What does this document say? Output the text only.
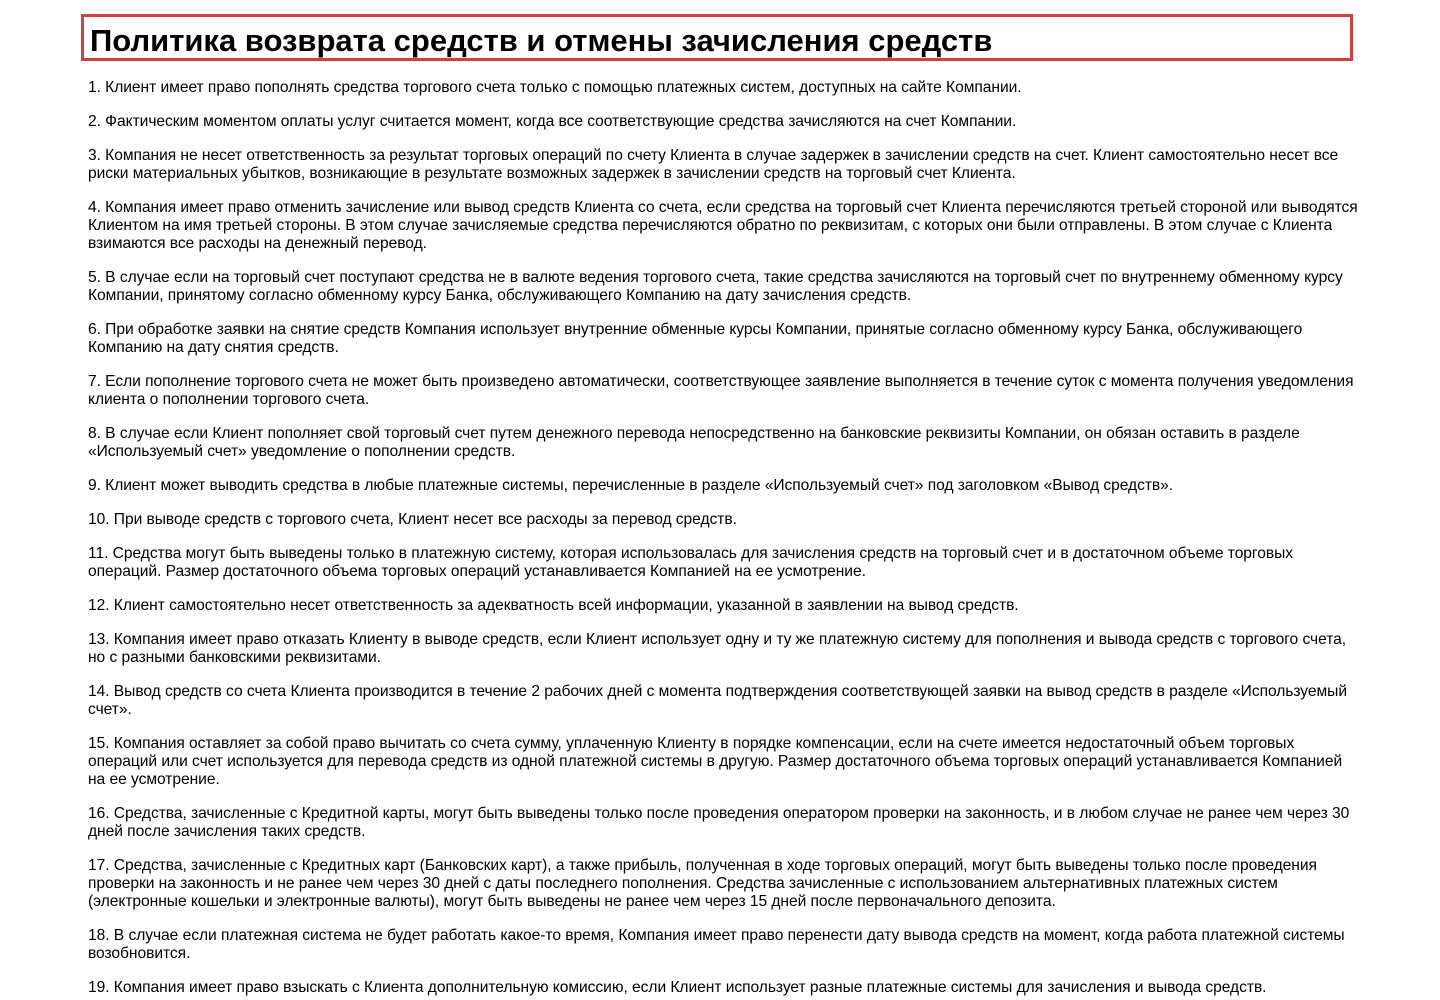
Политика возврата средств и отмены зачисления средств

1. Клиент имеет право пополнять средства торгового счета только с помощью платежных систем, доступных на сайте Компании.

2. Фактическим моментом оплаты услуг считается момент, когда все соответствующие средства зачисляются на счет Компании.

3. Компания не несет ответственность за результат торговых операций по счету Клиента в случае задержек в зачислении средств на счет. Клиент самостоятельно несет все риски материальных убытков, возникающие в результате возможных задержек в зачислении средств на торговый счет Клиента.

4. Компания имеет право отменить зачисление или вывод средств Клиента со счета, если средства на торговый счет Клиента перечисляются третьей стороной или выводятся Клиентом на имя третьей стороны. В этом случае зачисляемые средства перечисляются обратно по реквизитам, с которых они были отправлены. В этом случае с Клиента взимаются все расходы на денежный перевод.

5. В случае если на торговый счет поступают средства не в валюте ведения торгового счета, такие средства зачисляются на торговый счет по внутреннему обменному курсу Компании, принятому согласно обменному курсу Банка, обслуживающего Компанию на дату зачисления средств.

6. При обработке заявки на снятие средств Компания использует внутренние обменные курсы Компании, принятые согласно обменному курсу Банка, обслуживающего Компанию на дату снятия средств.

7. Если пополнение торгового счета не может быть произведено автоматически, соответствующее заявление выполняется в течение суток с момента получения уведомления клиента о пополнении торгового счета.

8. В случае если Клиент пополняет свой торговый счет путем денежного перевода непосредственно на банковские реквизиты Компании, он обязан оставить в разделе «Используемый счет» уведомление о пополнении средств.

9. Клиент может выводить средства в любые платежные системы, перечисленные в разделе «Используемый счет» под заголовком «Вывод средств».

10. При выводе средств с торгового счета, Клиент несет все расходы за перевод средств.

11. Средства могут быть выведены только в платежную систему, которая использовалась для зачисления средств на торговый счет и в достаточном объеме торговых операций. Размер достаточного объема торговых операций устанавливается Компанией на ее усмотрение.

12. Клиент самостоятельно несет ответственность за адекватность всей информации, указанной в заявлении на вывод средств.

13. Компания имеет право отказать Клиенту в выводе средств, если Клиент использует одну и ту же платежную систему для пополнения и вывода средств с торгового счета, но с разными банковскими реквизитами.

14. Вывод средств со счета Клиента производится в течение 2 рабочих дней с момента подтверждения соответствующей заявки на вывод средств в разделе «Используемый счет».

15. Компания оставляет за собой право вычитать со счета сумму, уплаченную Клиенту в порядке компенсации, если на счете имеется недостаточный объем торговых операций или счет используется для перевода средств из одной платежной системы в другую. Размер достаточного объема торговых операций устанавливается Компанией на ее усмотрение.

16. Средства, зачисленные с Кредитной карты, могут быть выведены только после проведения оператором проверки на законность, и в любом случае не ранее чем через 30 дней после зачисления таких средств.

17. Средства, зачисленные с Кредитных карт (Банковских карт), а также прибыль, полученная в ходе торговых операций, могут быть выведены только после проведения проверки на законность и не ранее чем через 30 дней с даты последнего пополнения. Средства зачисленные с использованием альтернативных платежных систем (электронные кошельки и электронные валюты), могут быть выведены не ранее чем через 15 дней после первоначального депозита.

18. В случае если платежная система не будет работать какое-то время, Компания имеет право перенести дату вывода средств на момент, когда работа платежной системы возобновится.

19. Компания имеет право взыскать с Клиента дополнительную комиссию, если Клиент использует разные платежные системы для зачисления и вывода средств.
